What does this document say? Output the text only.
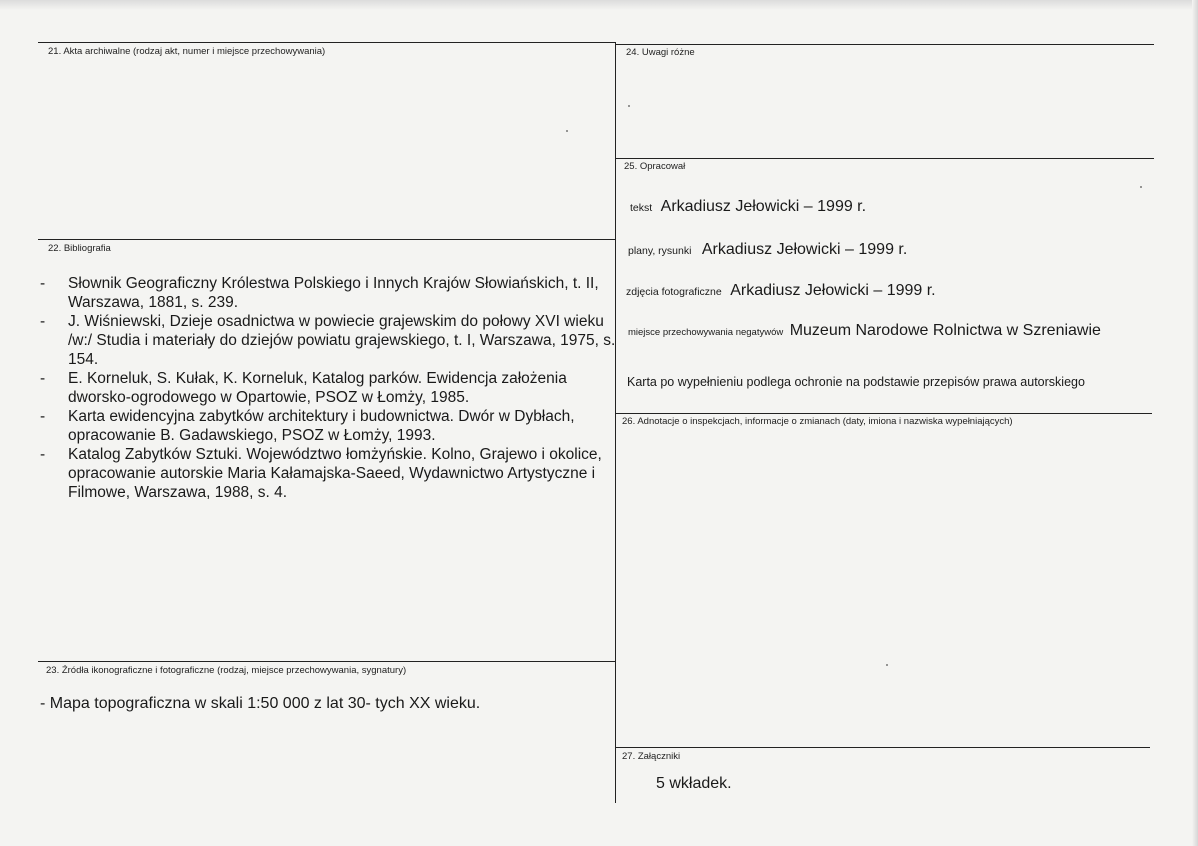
21. Akta archiwalne (rodzaj akt, numer i miejsce przechowywania)
22. Bibliografia
- Słownik Geograficzny Królestwa Polskiego i Innych Krajów Słowiańskich, t. II, Warszawa, 1881, s. 239.
- J. Wiśniewski, Dzieje osadnictwa w powiecie grajewskim do połowy XVI wieku /w:/ Studia i materiały do dziejów powiatu grajewskiego, t. I, Warszawa, 1975, s. 154.
- E. Korneluk, S. Kułak, K. Korneluk, Katalog parków. Ewidencja założenia dworsko-ogrodowego w Opartowie, PSOZ w Łomży, 1985.
- Karta ewidencyjna zabytków architektury i budownictwa. Dwór w Dybłach, opracowanie B. Gadawskiego, PSOZ w Łomży, 1993.
- Katalog Zabytków Sztuki. Województwo łomżyńskie. Kolno, Grajewo i okolice, opracowanie autorskie Maria Kałamajska-Saeed, Wydawnictwo Artystyczne i Filmowe, Warszawa, 1988, s. 4.
23. Źródła ikonograficzne i fotograficzne (rodzaj, miejsce przechowywania, sygnatury)
- Mapa topograficzna w skali 1:50 000 z lat 30- tych XX wieku.
24. Uwagi różne
25. Opracował
tekst Arkadiusz Jełowicki – 1999 r.
plany, rysunki Arkadiusz Jełowicki – 1999 r.
zdjęcia fotograficzne Arkadiusz Jełowicki – 1999 r.
miejsce przechowywania negatywów Muzeum Narodowe Rolnictwa w Szreniawie
Karta po wypełnieniu podlega ochronie na podstawie przepisów prawa autorskiego
26. Adnotacje o inspekcjach, informacje o zmianach (daty, imiona i nazwiska wypełniających)
27. Załączniki
5 wkładek.
